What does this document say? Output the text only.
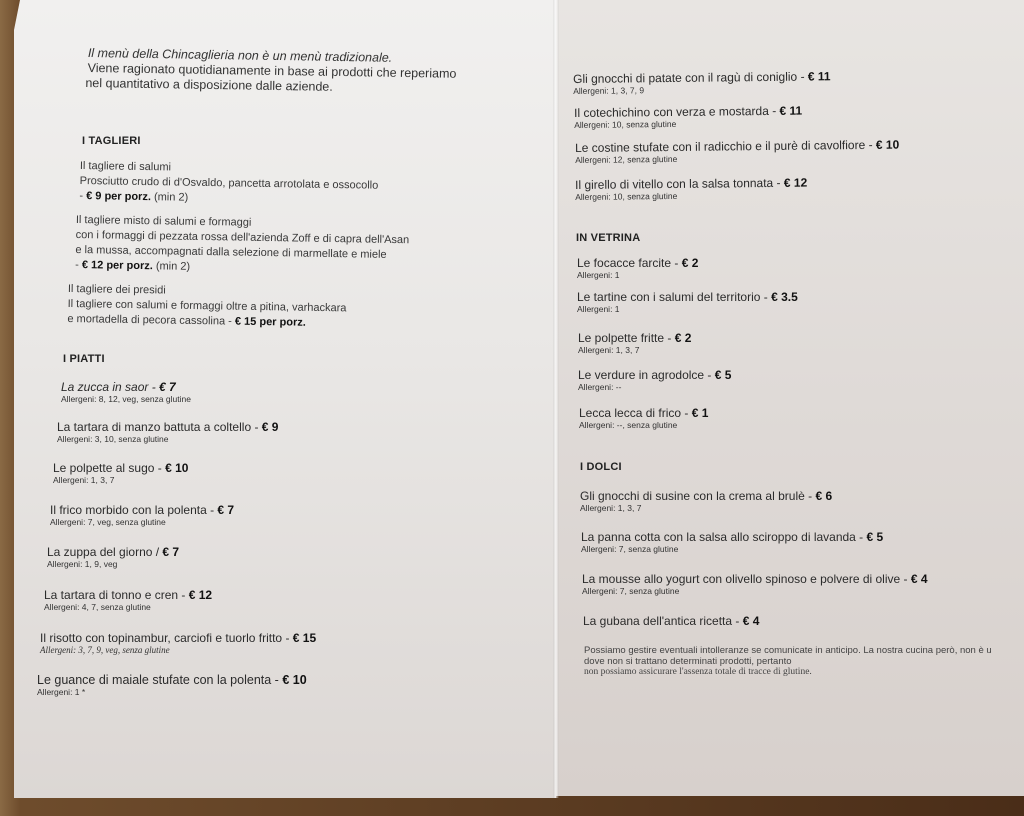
Il menù della Chincaglieria non è un menù tradizionale.
Viene ragionato quotidianamente in base ai prodotti che reperiamo
nel quantitativo a disposizione dalle aziende.
I TAGLIERI
Il tagliere di salumi
Prosciutto crudo di d'Osvaldo, pancetta arrotolata e ossocollo
- € 9 per porz. (min 2)
Il tagliere misto di salumi e formaggi
con i formaggi di pezzata rossa dell'azienda Zoff e di capra dell'Asan
e la mussa, accompagnati dalla selezione di marmellate e miele
- € 12 per porz. (min 2)
Il tagliere dei presidi
Il tagliere con salumi e formaggi oltre a pitina, varhackara
e mortadella di pecora cassolina - € 15 per porz.
I PIATTI
La zucca in saor - € 7
Allergeni: 8, 12, veg, senza glutine
La tartara di manzo battuta a coltello - € 9
Allergeni: 3, 10, senza glutine
Le polpette al sugo - € 10
Allergeni: 1, 3, 7
Il frico morbido con la polenta - € 7
Allergeni: 7, veg, senza glutine
La zuppa del giorno / € 7
Allergeni: 1, 9, veg
La tartara di tonno e cren - € 12
Allergeni: 4, 7, senza glutine
Il risotto con topinambur, carciofi e tuorlo fritto - € 15
Allergeni: 3, 7, 9, veg, senza glutine
Le guance di maiale stufate con la polenta - € 10
Allergeni: 1 *
Gli gnocchi di patate con il ragù di coniglio - € 11
Allergeni: 1, 3, 7, 9
Il cotechichino con verza e mostarda - € 11
Allergeni: 10, senza glutine
Le costine stufate con il radicchio e il purè di cavolfiore - € 10
Allergeni: 12, senza glutine
Il girello di vitello con la salsa tonnata - € 12
Allergeni: 10, senza glutine
IN VETRINA
Le focacce farcite - € 2
Allergeni: 1
Le tartine con i salumi del territorio - € 3.5
Allergeni: 1
Le polpette fritte - € 2
Allergeni: 1, 3, 7
Le verdure in agrodolce - € 5
Allergeni: --
Lecca lecca di frico - € 1
Allergeni: --, senza glutine
I DOLCI
Gli gnocchi di susine con la crema al brulè - € 6
Allergeni: 1, 3, 7
La panna cotta con la salsa allo sciroppo di lavanda - € 5
Allergeni: 7, senza glutine
La mousse allo yogurt con olivello spinoso e polvere di olive - € 4
Allergeni: 7, senza glutine
La gubana dell'antica ricetta - € 4
Possiamo gestire eventuali intolleranze se comunicate in anticipo. La nostra cucina però, non è u
dove non si trattano determinati prodotti, pertanto
non possiamo assicurare l'assenza totale di tracce di glutine.
